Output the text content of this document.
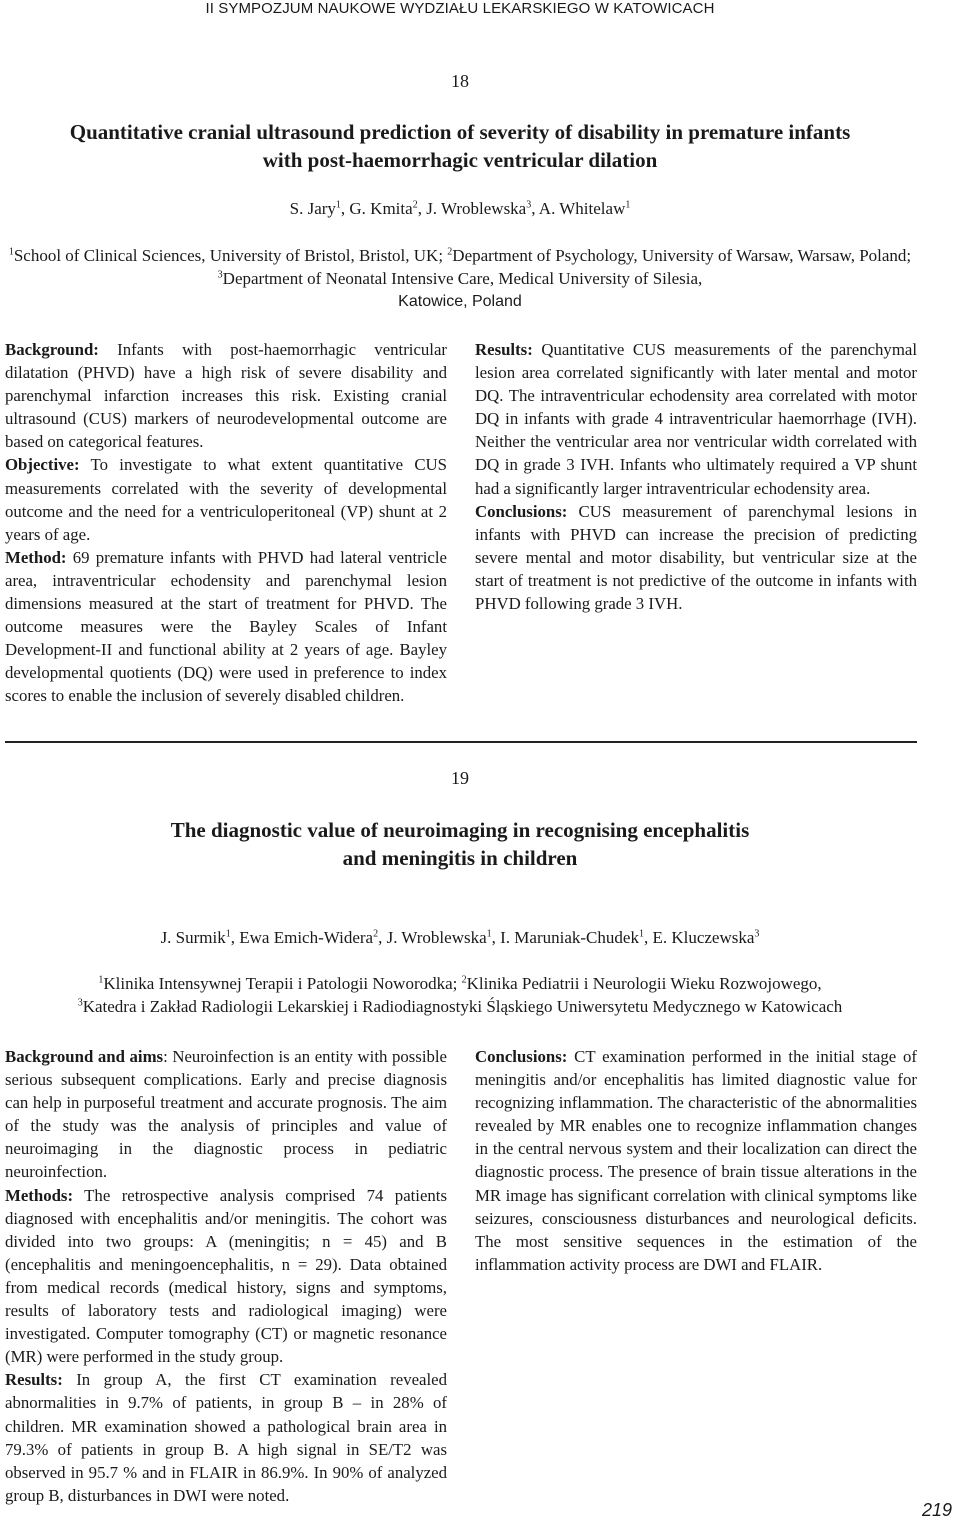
II SYMPOZJUM NAUKOWE WYDZIAŁU LEKARSKIEGO W KATOWICACH
18
Quantitative cranial ultrasound prediction of severity of disability in premature infants
with post-haemorrhagic ventricular dilation
S. Jary$^1$, G. Kmita$^2$, J. Wroblewska$^3$, A. Whitelaw$^1$
$^1$School of Clinical Sciences, University of Bristol, Bristol, UK; $^2$Department of Psychology, University of Warsaw, Warsaw, Poland; $^3$Department of Neonatal Intensive Care, Medical University of Silesia,
Katowice, Poland

Background: Infants with post-haemorrhagic ventricular dilatation (PHVD) have a high risk of severe disability and parenchymal infarction increases this risk. Existing cranial ultrasound (CUS) markers of neurodevelopmental outcome are based on categorical features.

Objective: To investigate to what extent quantitative CUS measurements correlated with the severity of developmental outcome and the need for a ventriculoperitoneal (VP) shunt at 2 years of age.

Method: 69 premature infants with PHVD had lateral ventricle area, intraventricular echodensity and parenchymal lesion dimensions measured at the start of treatment for PHVD. The outcome measures were the Bayley Scales of Infant Development-II and functional ability at 2 years of age. Bayley developmental quotients (DQ) were used in preference to index scores to enable the inclusion of severely disabled children.

Results: Quantitative CUS measurements of the parenchymal lesion area correlated significantly with later mental and motor DQ. The intraventricular echodensity area correlated with motor DQ in infants with grade 4 intraventricular haemorrhage (IVH). Neither the ventricular area nor ventricular width correlated with DQ in grade 3 IVH. Infants who ultimately required a VP shunt had a significantly larger intraventricular echodensity area.

Conclusions: CUS measurement of parenchymal lesions in infants with PHVD can increase the precision of predicting severe mental and motor disability, but ventricular size at the start of treatment is not predictive of the outcome in infants with PHVD following grade 3 IVH.

19
The diagnostic value of neuroimaging in recognising encephalitis
and meningitis in children
J. Surmik$^1$, Ewa Emich-Widera$^2$, J. Wroblewska$^1$, I. Maruniak-Chudek$^1$, E. Kluczewska$^3$
$^1$Klinika Intensywnej Terapii i Patologii Noworodka; $^2$Klinika Pediatrii i Neurologii Wieku Rozwojowego,
$^3$Katedra i Zakład Radiologii Lekarskiej i Radiodiagnostyki Śląskiego Uniwersytetu Medycznego w Katowicach

Background and aims: Neuroinfection is an entity with possible serious subsequent complications. Early and precise diagnosis can help in purposeful treatment and accurate prognosis. The aim of the study was the analysis of principles and value of neuroimaging in the diagnostic process in pediatric neuroinfection.

Methods: The retrospective analysis comprised 74 patients diagnosed with encephalitis and/or meningitis. The cohort was divided into two groups: A (meningitis; n = 45) and B (encephalitis and meningoencephalitis, n = 29). Data obtained from medical records (medical history, signs and symptoms, results of laboratory tests and radiological imaging) were investigated. Computer tomography (CT) or magnetic resonance (MR) were performed in the study group.

Results: In group A, the first CT examination revealed abnormalities in 9.7% of patients, in group B – in 28% of children. MR examination showed a pathological brain area in 79.3% of patients in group B. A high signal in SE/T2 was observed in 95.7 % and in FLAIR in 86.9%. In 90% of analyzed group B, disturbances in DWI were noted.

Conclusions: CT examination performed in the initial stage of meningitis and/or encephalitis has limited diagnostic value for recognizing inflammation. The characteristic of the abnormalities revealed by MR enables one to recognize inflammation changes in the central nervous system and their localization can direct the diagnostic process. The presence of brain tissue alterations in the MR image has significant correlation with clinical symptoms like seizures, consciousness disturbances and neurological deficits. The most sensitive sequences in the estimation of the inflammation activity process are DWI and FLAIR.

219
